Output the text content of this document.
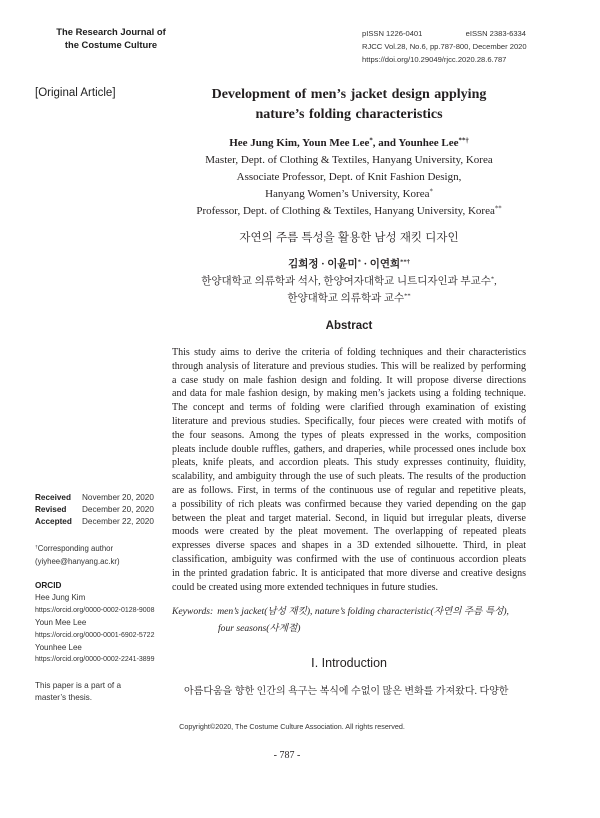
The Research Journal of
the Costume Culture
pISSN 1226-0401	eISSN 2383-6334
RJCC Vol.28, No.6, pp.787-800, December 2020
https://doi.org/10.29049/rjcc.2020.28.6.787
[Original Article]	Development of men’s jacket design applying
nature’s folding characteristics
Hee Jung Kim, Youn Mee Lee*, and Younhee Lee**†
Master, Dept. of Clothing & Textiles, Hanyang University, Korea
Associate Professor, Dept. of Knit Fashion Design,
Hanyang Women’s University, Korea*
Professor, Dept. of Clothing & Textiles, Hanyang University, Korea**
자연의 주름 특성을 활용한 남성 재킷 디자인
김희정 · 이윤미* · 이연희**†
한양대학교 의류학과 석사, 한양여자대학교 니트디자인과 부교수*,
한양대학교 의류학과 교수**
Abstract
This study aims to derive the criteria of folding techniques and their characteristics
through analysis of literature and previous studies. This will be realized by performing
a case study on male fashion design and folding. It will propose diverse directions
and data for male fashion design, by making men’s jackets using a folding technique.
The concept and terms of folding were clarified through examination of existing
literature and previous studies. Specifically, four pieces were created with motifs of
the four seasons. Among the types of pleats expressed in the works, composition
pleats include double ruffles, gathers, and draperies, while processed ones include box
pleats, knife pleats, and accordion pleats. This study expresses continuity, fluidity,
scalability, and ambiguity through the use of such pleats. The results of the production
are as follows. First, in terms of the continuous use of regular and repetitive pleats,
a possibility of rich pleats was confirmed because they varied depending on the gap
between the pleat and target material. Second, in liquid but irregular pleats, diverse
moods were created by the pleat movement. The overlapping of repeated pleats
expresses diverse spaces and shapes in a 3D extended silhouette. Third, in pleat
classification, ambiguity was confirmed with the use of continuous accordion pleats
in the printed gradation fabric. It is anticipated that more diverse and creative designs
could be created using more extended techniques in future studies.
Keywords: men’s jacket(남성 재킷), nature’s folding characteristic(자연의 주름 특성),
four seasons(사계절)
Ⅰ. Introduction
아름다움을 향한 인간의 욕구는 복식에 수없이 많은 변화를 가져왔다. 다양한
Copyright©2020, The Costume Culture Association. All rights reserved.
- 787 -
Received November 20, 2020
Revised December 20, 2020
Accepted December 22, 2020
†Corresponding author
(yiyhee@hanyang.ac.kr)
ORCID
Hee Jung Kim
https://orcid.org/0000-0002-0128-9008
Youn Mee Lee
https://orcid.org/0000-0001-6902-5722
Younhee Lee
https://orcid.org/0000-0002-2241-3899
This paper is a part of a
master’s thesis.
